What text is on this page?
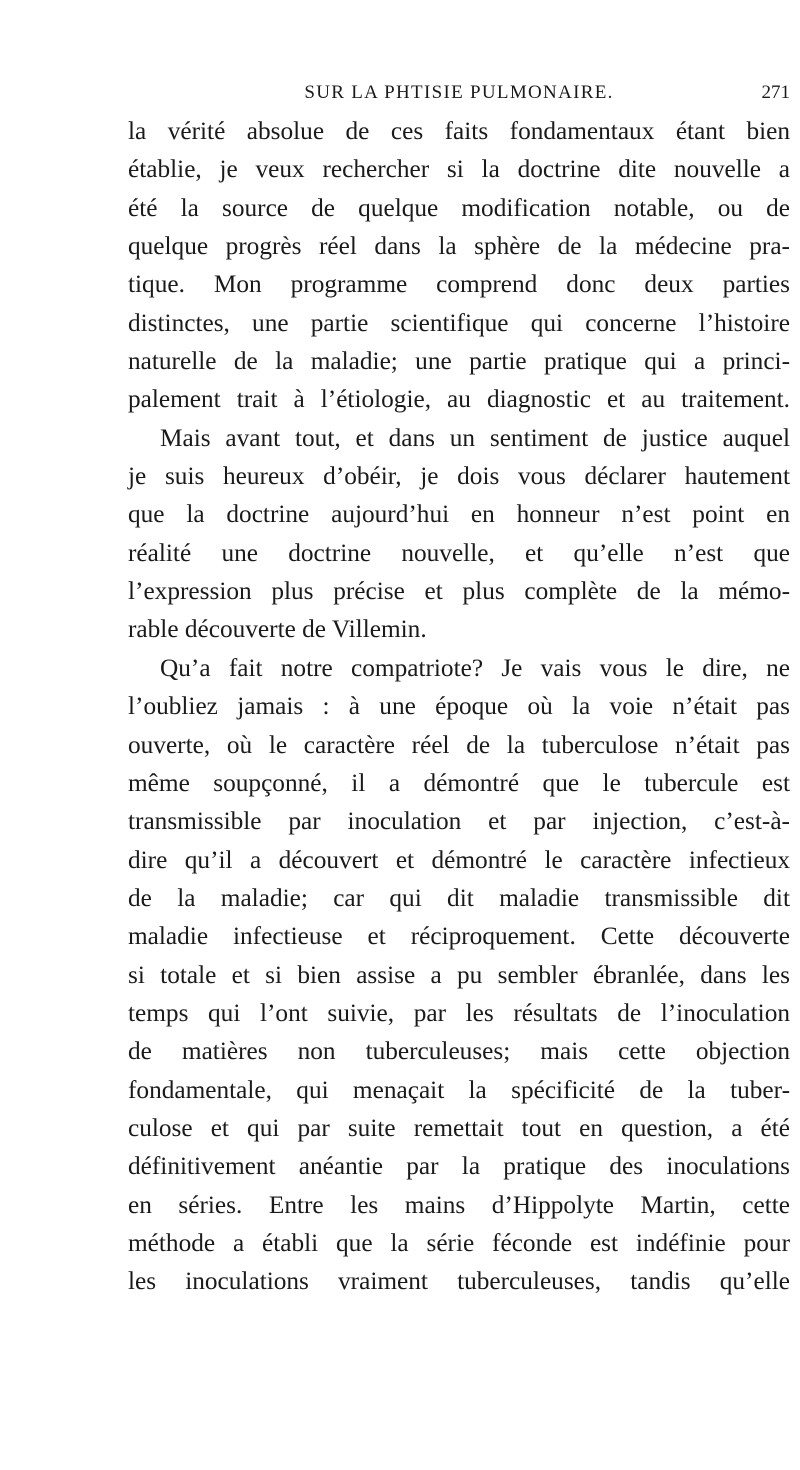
SUR LA PHTISIE PULMONAIRE.	271
la vérité absolue de ces faits fondamentaux étant bien
établie, je veux rechercher si la doctrine dite nouvelle a
été la source de quelque modification notable, ou de
quelque progrès réel dans la sphère de la médecine pra-
tique. Mon programme comprend donc deux parties
distinctes, une partie scientifique qui concerne l’histoire
naturelle de la maladie; une partie pratique qui a princi-
palement trait à l’étiologie, au diagnostic et au traitement.
Mais avant tout, et dans un sentiment de justice auquel
je suis heureux d’obéir, je dois vous déclarer hautement
que la doctrine aujourd’hui en honneur n’est point en
réalité une doctrine nouvelle, et qu’elle n’est que
l’expression plus précise et plus complète de la mémo-
rable découverte de Villemin.
Qu’a fait notre compatriote? Je vais vous le dire, ne
l’oubliez jamais : à une époque où la voie n’était pas
ouverte, où le caractère réel de la tuberculose n’était pas
même soupçonné, il a démontré que le tubercule est
transmissible par inoculation et par injection, c’est-à-
dire qu’il a découvert et démontré le caractère infectieux
de la maladie; car qui dit maladie transmissible dit
maladie infectieuse et réciproquement. Cette découverte
si totale et si bien assise a pu sembler ébranlée, dans les
temps qui l’ont suivie, par les résultats de l’inoculation
de matières non tuberculeuses; mais cette objection
fondamentale, qui menaçait la spécificité de la tuber-
culose et qui par suite remettait tout en question, a été
définitivement anéantie par la pratique des inoculations
en séries. Entre les mains d’Hippolyte Martin, cette
méthode a établi que la série féconde est indéfinie pour
les inoculations vraiment tuberculeuses, tandis qu’elle
